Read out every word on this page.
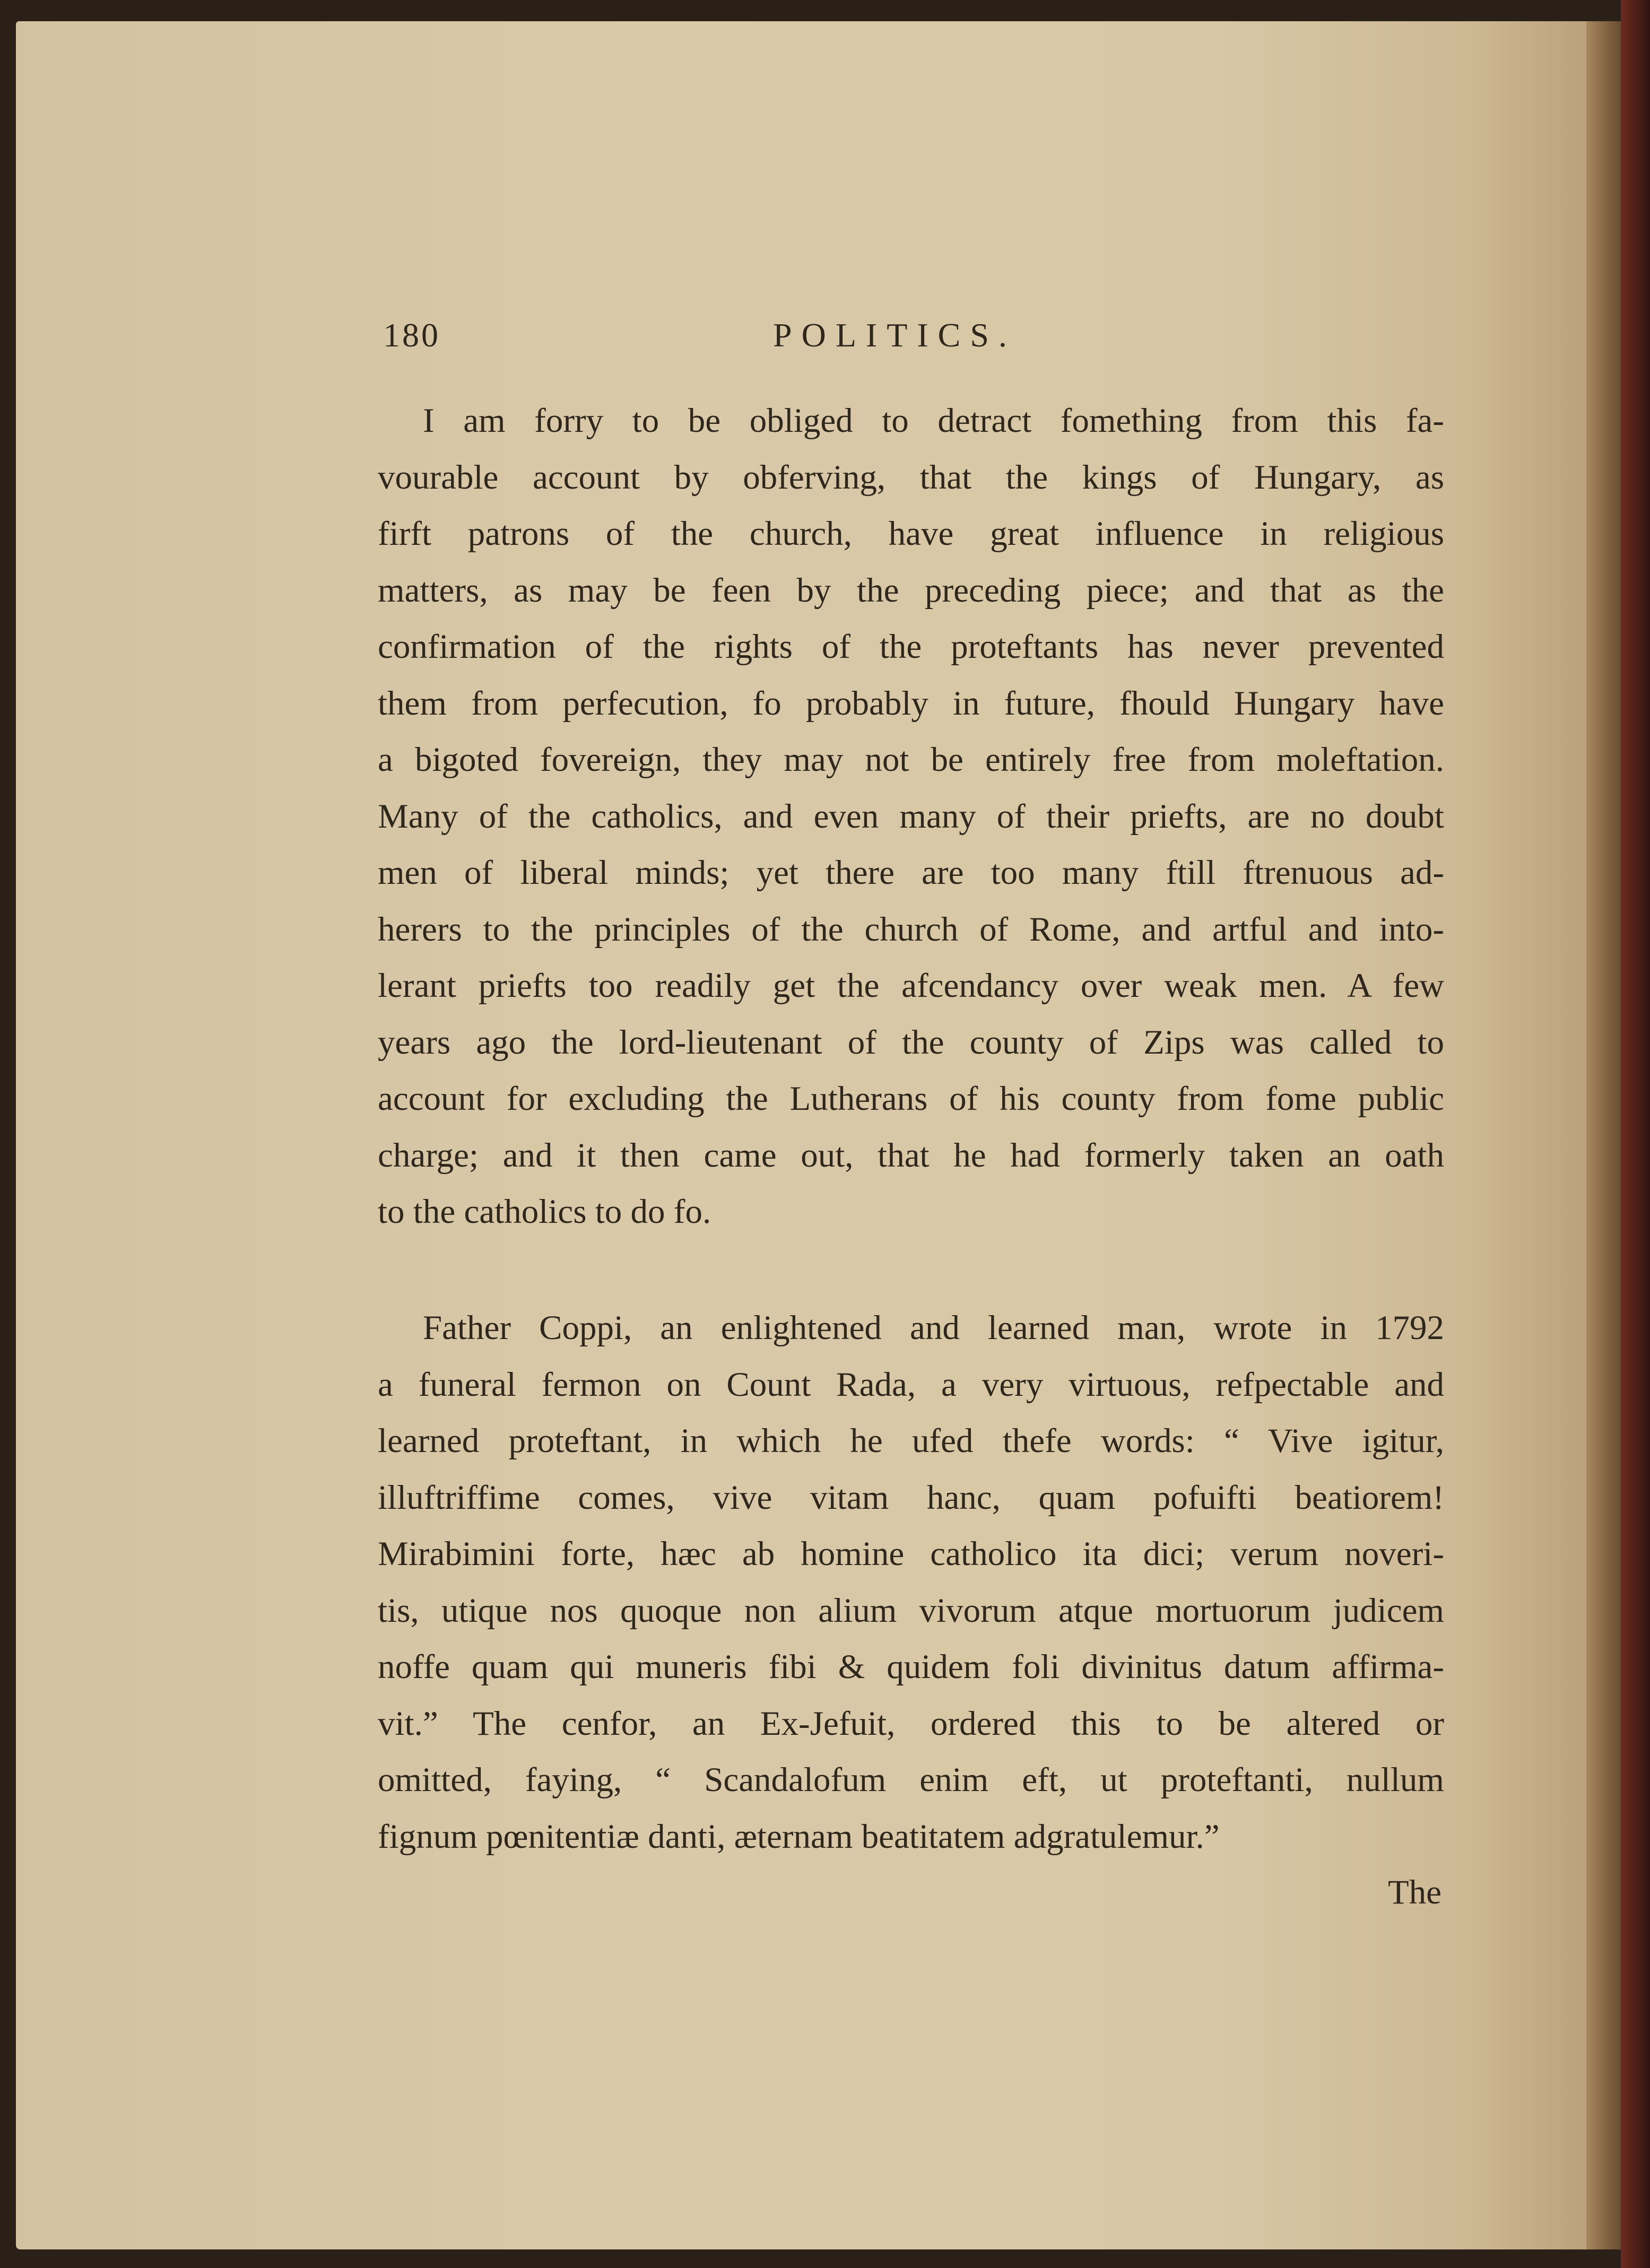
180	POLITICS.
I am forry to be obliged to detract fomething from this fa-
vourable account by obferving, that the kings of Hungary, as
firft patrons of the church, have great influence in religious
matters, as may be feen by the preceding piece; and that as the
confirmation of the rights of the proteftants has never prevented
them from perfecution, fo probably in future, fhould Hungary have
a bigoted fovereign, they may not be entirely free from moleftation.
Many of the catholics, and even many of their priefts, are no doubt
men of liberal minds; yet there are too many ftill ftrenuous ad-
herers to the principles of the church of Rome, and artful and into-
lerant priefts too readily get the afcendancy over weak men. A few
years ago the lord-lieutenant of the county of Zips was called to
account for excluding the Lutherans of his county from fome public
charge; and it then came out, that he had formerly taken an oath
to the catholics to do fo.
Father Coppi, an enlightened and learned man, wrote in 1792
a funeral fermon on Count Rada, a very virtuous, refpectable and
learned proteftant, in which he ufed thefe words: “ Vive igitur,
illuftriffime comes, vive vitam hanc, quam pofuifti beatiorem!
Mirabimini forte, hæc ab homine catholico ita dici; verum noveri-
tis, utique nos quoque non alium vivorum atque mortuorum judicem
noffe quam qui muneris fibi & quidem foli divinitus datum affirma-
vit.” The cenfor, an Ex-Jefuit, ordered this to be altered or
omitted, faying, “ Scandalofum enim eft, ut proteftanti, nullum
fignum pœnitentiæ danti, æternam beatitatem adgratulemur.”
The
